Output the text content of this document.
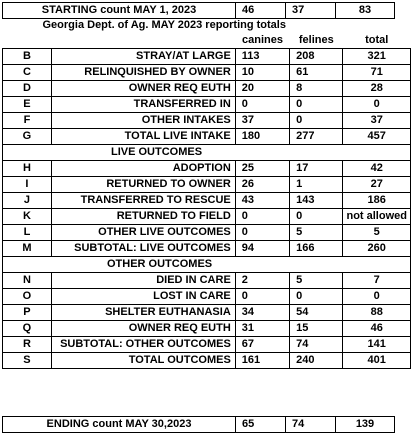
STARTING count MAY 1, 2023	46	37	83
Georgia Dept. of Ag. MAY 2023 reporting totals				
		canines	felines	total
B	STRAY/AT LARGE	113	208	321
C	RELINQUISHED BY OWNER	10	61	71
D	OWNER REQ EUTH	20	8	28
E	TRANSFERRED IN	0	0	0
F	OTHER INTAKES	37	0	37
G	TOTAL LIVE INTAKE	180	277	457
LIVE OUTCOMES				
H	ADOPTION	25	17	42
I	RETURNED TO OWNER	26	1	27
J	TRANSFERRED TO RESCUE	43	143	186
K	RETURNED TO FIELD	0	0	not allowed
L	OTHER LIVE OUTCOMES	0	5	5
M	SUBTOTAL: LIVE OUTCOMES	94	166	260
OTHER OUTCOMES				
N	DIED IN CARE	2	5	7
O	LOST IN CARE	0	0	0
P	SHELTER EUTHANASIA	34	54	88
Q	OWNER REQ EUTH	31	15	46
R	SUBTOTAL: OTHER OUTCOMES	67	74	141
S	TOTAL OUTCOMES	161	240	401
ENDING count MAY 30,2023	65	74	139
